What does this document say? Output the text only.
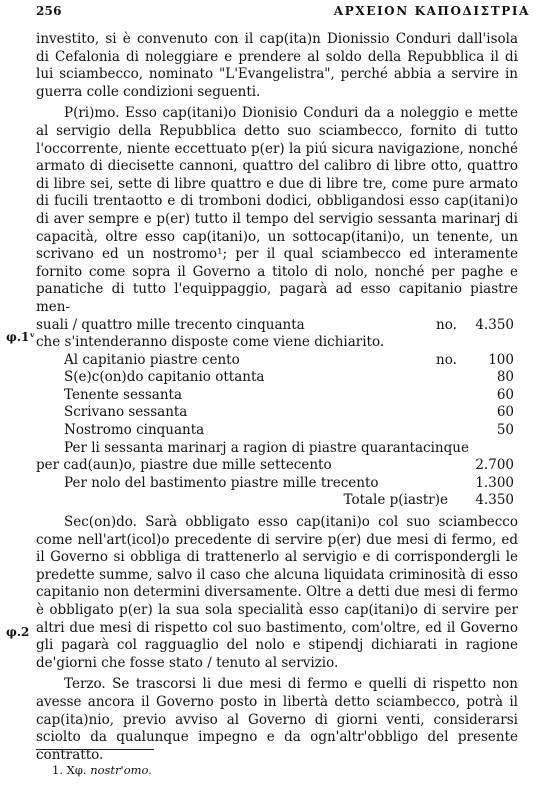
256	ΑΡΧΕΙΟΝ ΚΑΠΟΔΙΣΤΡΙΑ
φ.1ᵛ
φ.2

investito, si è convenuto con il cap(ita)n Dionissio Conduri dall'isola di Cefalonia di noleggiare e prendere al soldo della Repubblica il di lui sciambecco, nominato "L'Evangelistra", perché abbia a servire in guerra colle condizioni seguenti.

P(ri)mo. Esso cap(itani)o Dionisio Conduri da a noleggio e mette al servigio della Repubblica detto suo sciambecco, fornito di tutto l'occorrente, niente eccettuato p(er) la piú sicura navigazione, nonché armato di diecisette cannoni, quattro del calibro di libre otto, quattro di libre sei, sette di libre quattro e due di libre tre, come pure armato di fucili trentaotto e di tromboni dodici, obbligandosi esso cap(itani)o di aver sempre e p(er) tutto il tempo del servigio sessanta marinarj di capacità, oltre esso cap(itani)o, un sottocap(itani)o, un tenente, un scrivano ed un nostromo¹; per il qual sciambecco ed interamente fornito come sopra il Governo a titolo di nolo, nonché per paghe e panatiche di tutto l'equippaggio, pagarà ad esso capitanio piastre men-

suali / quattro mille trecento cinquanta	no. 4.350
che s'intenderanno disposte come viene dichiarito.
Al capitanio piastre cento	no. 100
S(e)c(on)do capitanio ottanta	80
Tenente sessanta	60
Scrivano sessanta	60
Nostromo cinquanta	50
Per li sessanta marinarj a ragion di piastre quarantacinque
per cad(aun)o, piastre due mille settecento	2.700
Per nolo del bastimento piastre mille trecento	1.300
Totale p(iastr)e 4.350

Sec(on)do. Sarà obbligato esso cap(itani)o col suo sciambecco come nell'art(icol)o precedente di servire p(er) due mesi di fermo, ed il Governo si obbliga di trattenerlo al servigio e di corrispondergli le predette summe, salvo il caso che alcuna liquidata criminosità di esso capitanio non determini diversamente. Oltre a detti due mesi di fermo è obbligato p(er) la sua sola specialità esso cap(itani)o di servire per altri due mesi di rispetto col suo bastimento, com'oltre, ed il Governo gli pagarà col ragguaglio del nolo e stipendj dichiarati in ragione de'giorni che fosse stato / tenuto al servizio.

Terzo. Se trascorsi li due mesi di fermo e quelli di rispetto non avesse ancora il Governo posto in libertà detto sciambecco, potrà il cap(ita)nio, previo avviso al Governo di giorni venti, considerarsi sciolto da qualunque impegno e da ogn'altr'obbligo del presente contratto.

1. Χφ. nostr'omo.
